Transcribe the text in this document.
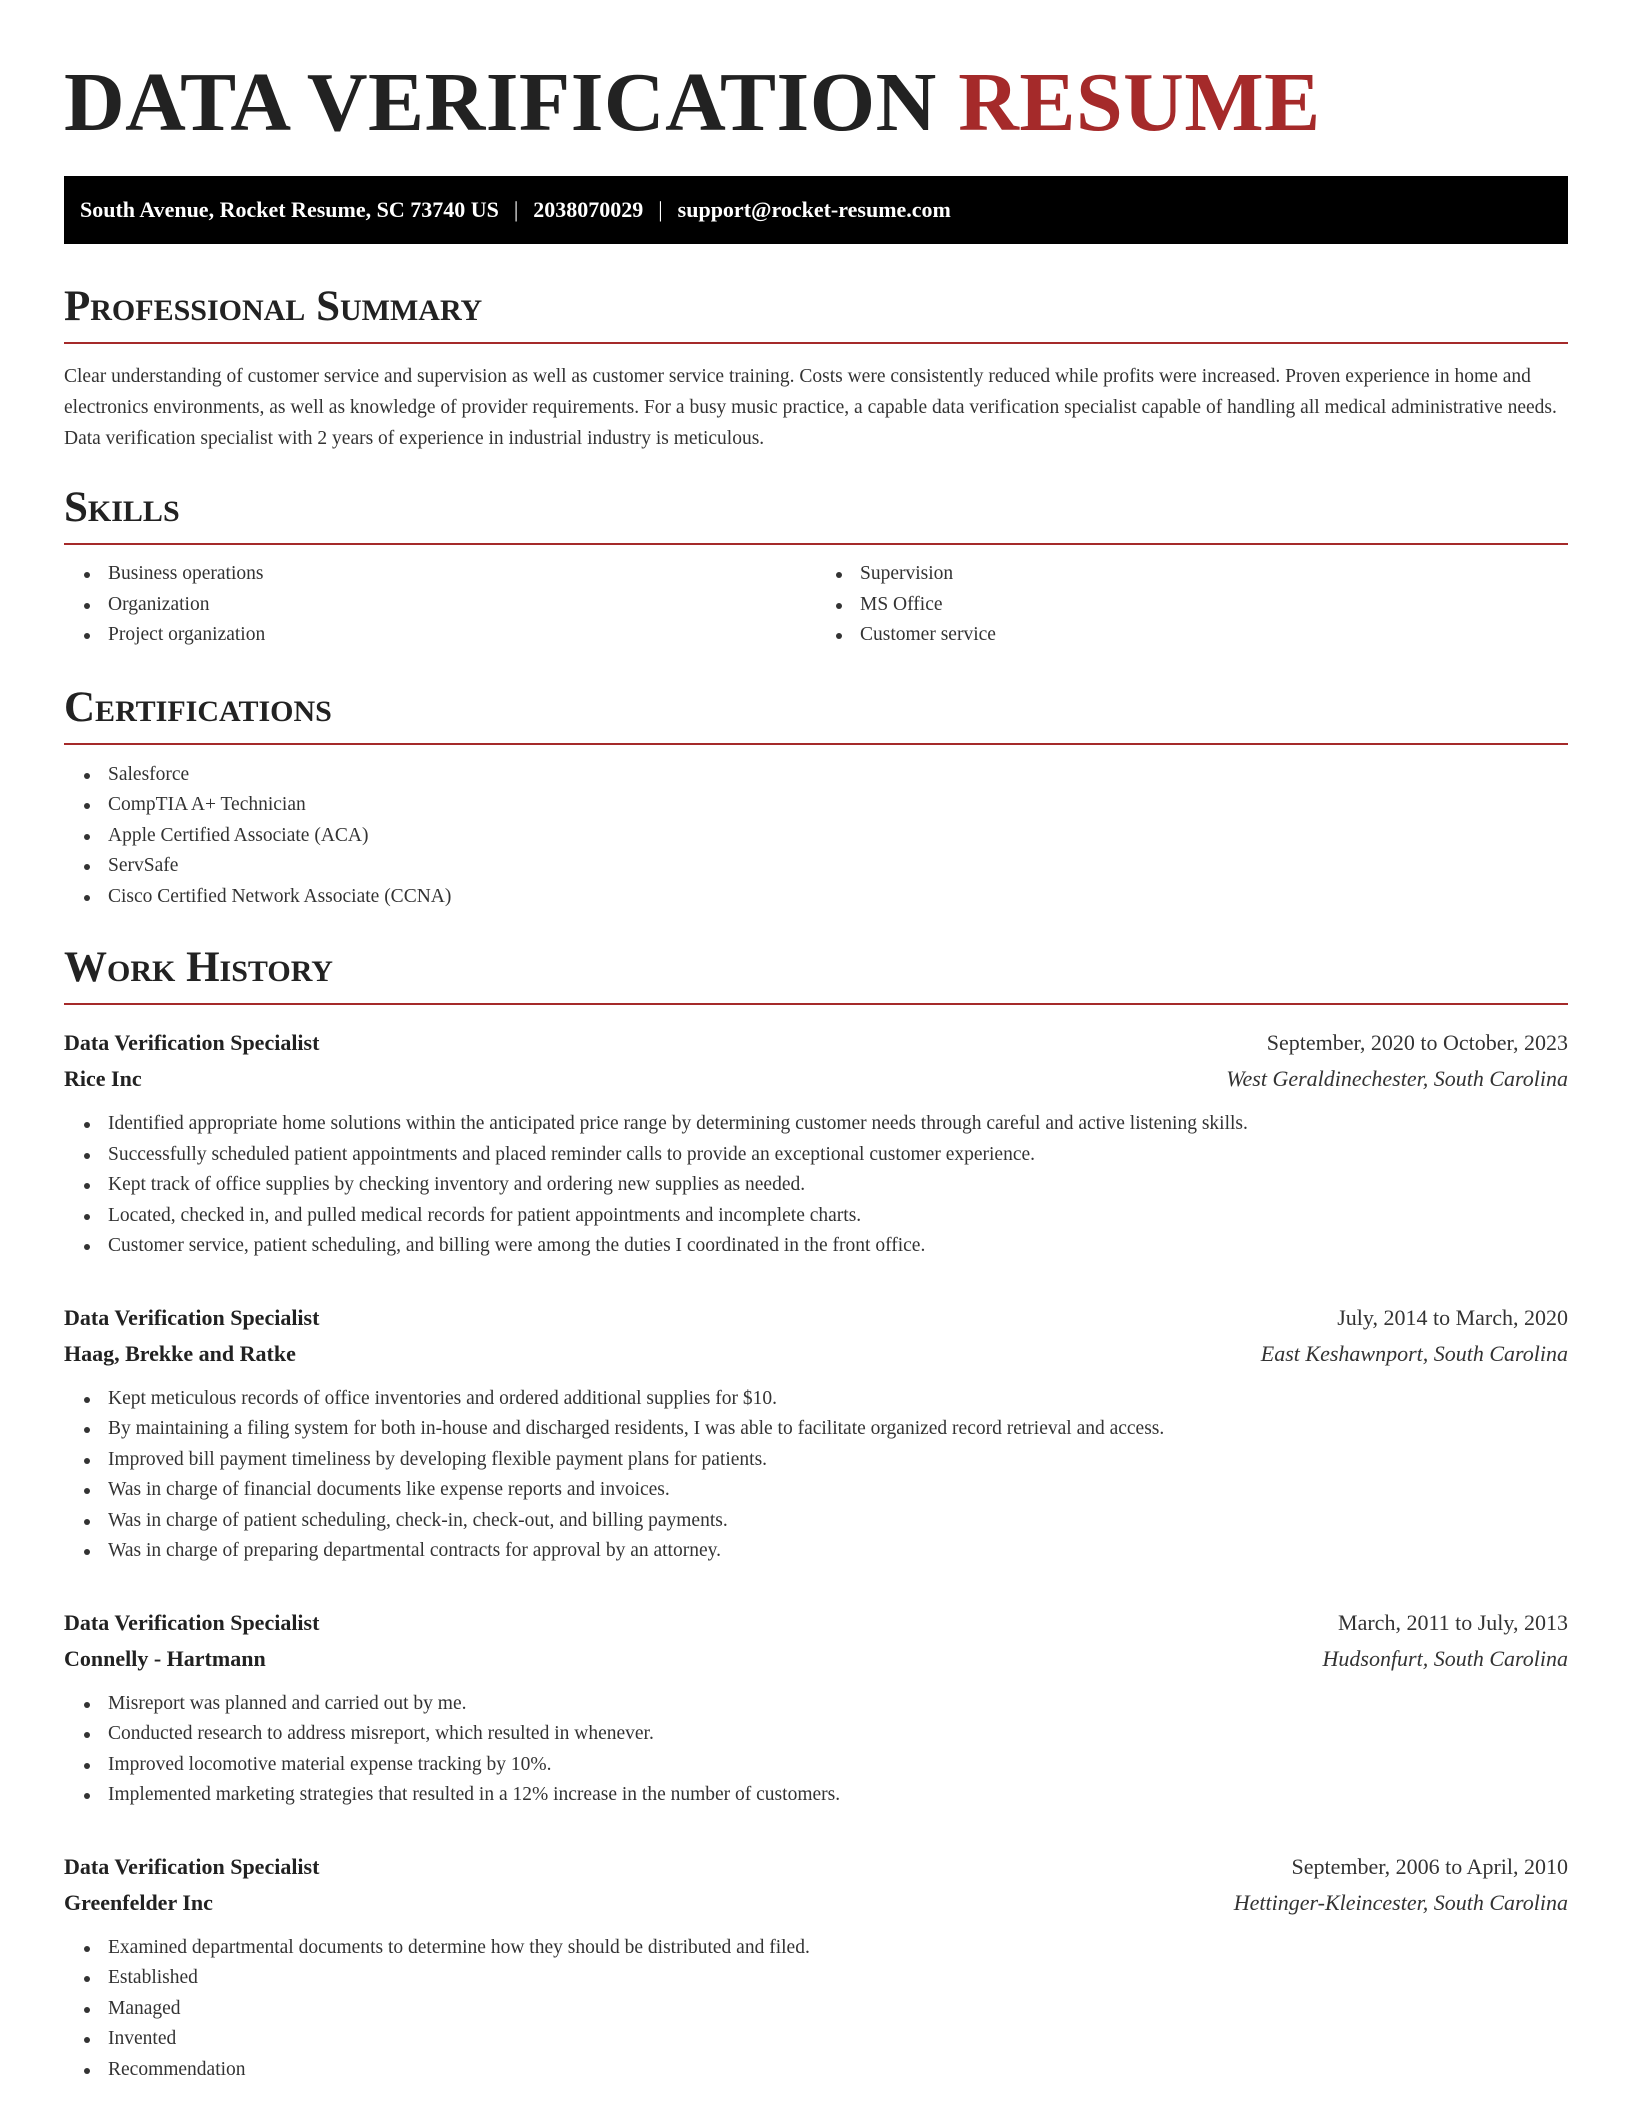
DATA VERIFICATION RESUME
South Avenue, Rocket Resume, SC 73740 US | 2038070029 | support@rocket-resume.com
Professional Summary

Clear understanding of customer service and supervision as well as customer service training. Costs were consistently reduced while profits were increased. Proven experience in home and electronics environments, as well as knowledge of provider requirements. For a busy music practice, a capable data verification specialist capable of handling all medical administrative needs. Data verification specialist with 2 years of experience in industrial industry is meticulous.

Skills
Business operations
Organization
Project organization
Supervision
MS Office
Customer service
Certifications
Salesforce
CompTIA A+ Technician
Apple Certified Associate (ACA)
ServSafe
Cisco Certified Network Associate (CCNA)
Work History
Data Verification Specialist	September, 2020 to October, 2023
Rice Inc	West Geraldinechester, South Carolina
Identified appropriate home solutions within the anticipated price range by determining customer needs through careful and active listening skills.
Successfully scheduled patient appointments and placed reminder calls to provide an exceptional customer experience.
Kept track of office supplies by checking inventory and ordering new supplies as needed.
Located, checked in, and pulled medical records for patient appointments and incomplete charts.
Customer service, patient scheduling, and billing were among the duties I coordinated in the front office.
Data Verification Specialist	July, 2014 to March, 2020
Haag, Brekke and Ratke	East Keshawnport, South Carolina
Kept meticulous records of office inventories and ordered additional supplies for $10.
By maintaining a filing system for both in-house and discharged residents, I was able to facilitate organized record retrieval and access.
Improved bill payment timeliness by developing flexible payment plans for patients.
Was in charge of financial documents like expense reports and invoices.
Was in charge of patient scheduling, check-in, check-out, and billing payments.
Was in charge of preparing departmental contracts for approval by an attorney.
Data Verification Specialist	March, 2011 to July, 2013
Connelly - Hartmann	Hudsonfurt, South Carolina
Misreport was planned and carried out by me.
Conducted research to address misreport, which resulted in whenever.
Improved locomotive material expense tracking by 10%.
Implemented marketing strategies that resulted in a 12% increase in the number of customers.
Data Verification Specialist	September, 2006 to April, 2010
Greenfelder Inc	Hettinger-Kleincester, South Carolina
Examined departmental documents to determine how they should be distributed and filed.
Established
Managed
Invented
Recommendation
